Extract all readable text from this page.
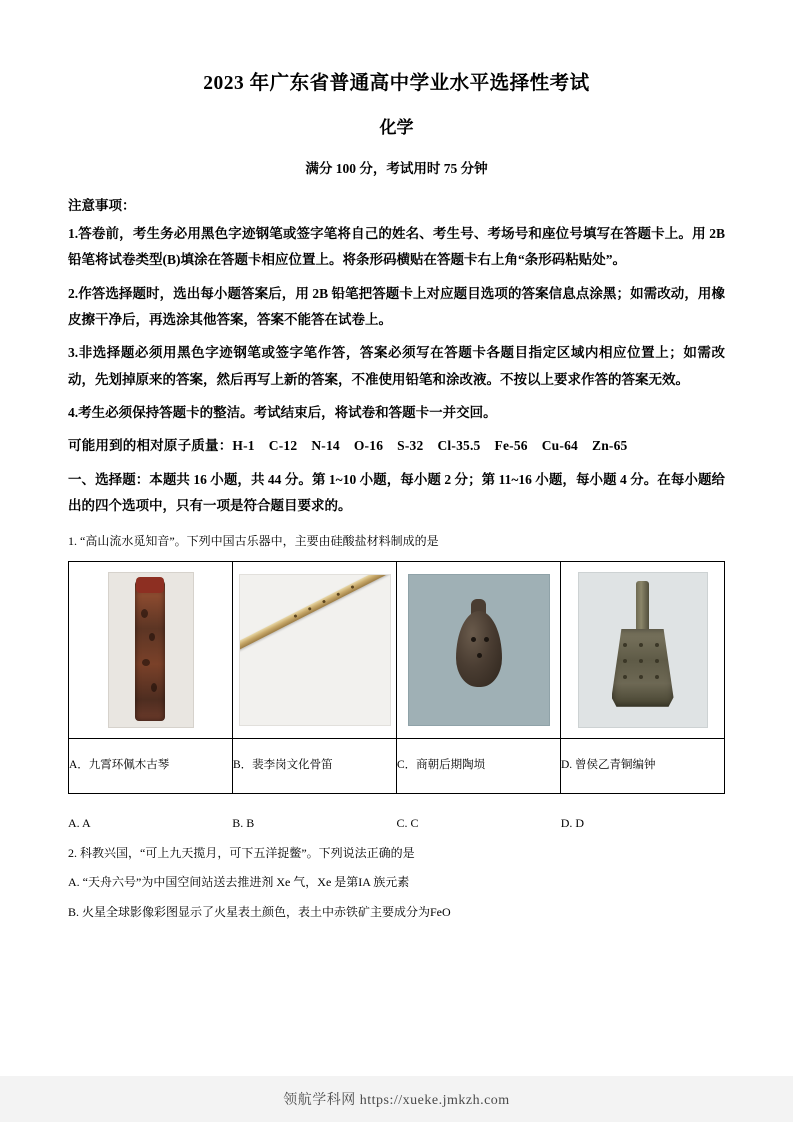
2023 年广东省普通高中学业水平选择性考试
化学
满分 100 分，考试用时 75 分钟
注意事项：
1.答卷前，考生务必用黑色字迹钢笔或签字笔将自己的姓名、考生号、考场号和座位号填写在答题卡上。用 2B 铅笔将试卷类型(B)填涂在答题卡相应位置上。将条形码横贴在答题卡右上角“条形码粘贴处”。
2.作答选择题时，选出每小题答案后，用 2B 铅笔把答题卡上对应题目选项的答案信息点涂黑；如需改动，用橡皮擦干净后，再选涂其他答案，答案不能答在试卷上。
3.非选择题必须用黑色字迹钢笔或签字笔作答，答案必须写在答题卡各题目指定区域内相应位置上；如需改动，先划掉原来的答案，然后再写上新的答案，不准使用铅笔和涂改液。不按以上要求作答的答案无效。
4.考生必须保持答题卡的整洁。考试结束后，将试卷和答题卡一并交回。
可能用到的相对原子质量：H-1 C-12 N-14 O-16 S-32 Cl-35.5 Fe-56 Cu-64 Zn-65
一、选择题：本题共 16 小题，共 44 分。第 1~10 小题，每小题 2 分；第 11~16 小题，每小题 4 分。在每小题给出的四个选项中，只有一项是符合题目要求的。
1. “高山流水觅知音”。下列中国古乐器中，主要由硅酸盐材料制成的是

A．九霄环佩木古琴	B．裴李岗文化骨笛	C．商朝后期陶埙	D. 曾侯乙青铜编钟
A. A	B. B	C. C	D. D
2. 科教兴国，“可上九天揽月，可下五洋捉鳖”。下列说法正确的是
A. “天舟六号”为中国空间站送去推进剂 Xe 气，Xe 是第IA 族元素
B. 火星全球影像彩图显示了火星表土颜色，表土中赤铁矿主要成分为FeO
领航学科网 https://xueke.jmkzh.com
